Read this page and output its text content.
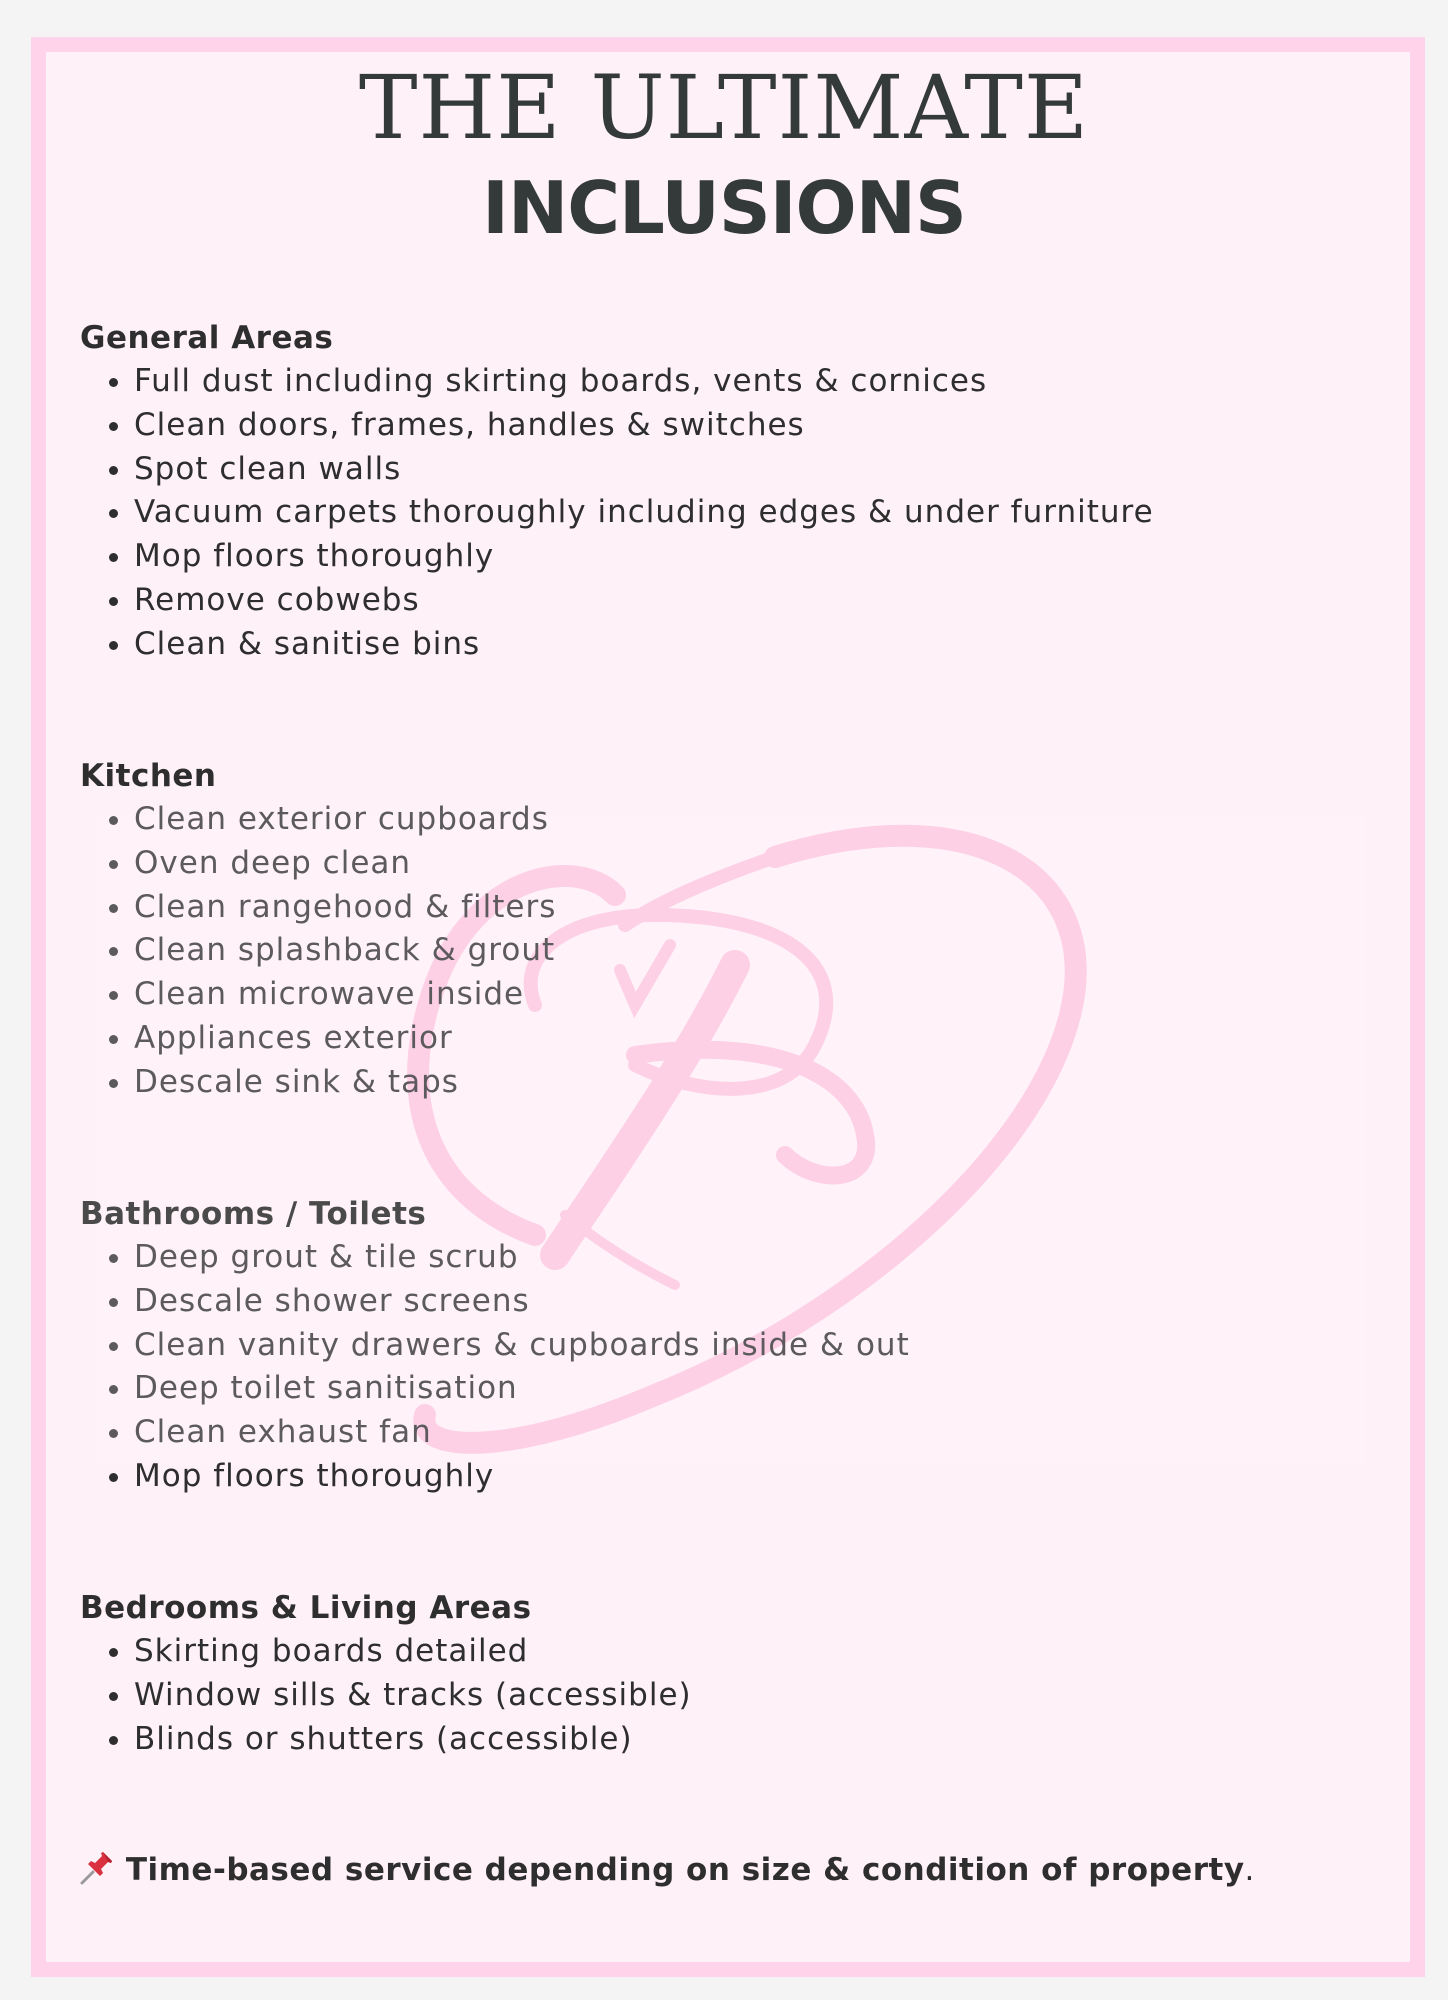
THE ULTIMATE
INCLUSIONS
General Areas
• Full dust including skirting boards, vents & cornices
• Clean doors, frames, handles & switches
• Spot clean walls
• Vacuum carpets thoroughly including edges & under furniture
• Mop floors thoroughly
• Remove cobwebs
• Clean & sanitise bins
Kitchen
• Clean exterior cupboards
• Oven deep clean
• Clean rangehood & filters
• Clean splashback & grout
• Clean microwave inside
• Appliances exterior
• Descale sink & taps
Bathrooms / Toilets
• Deep grout & tile scrub
• Descale shower screens
• Clean vanity drawers & cupboards inside & out
• Deep toilet sanitisation
• Clean exhaust fan
• Mop floors thoroughly
Bedrooms & Living Areas
• Skirting boards detailed
• Window sills & tracks (accessible)
• Blinds or shutters (accessible)
Time-based service depending on size & condition of property.
